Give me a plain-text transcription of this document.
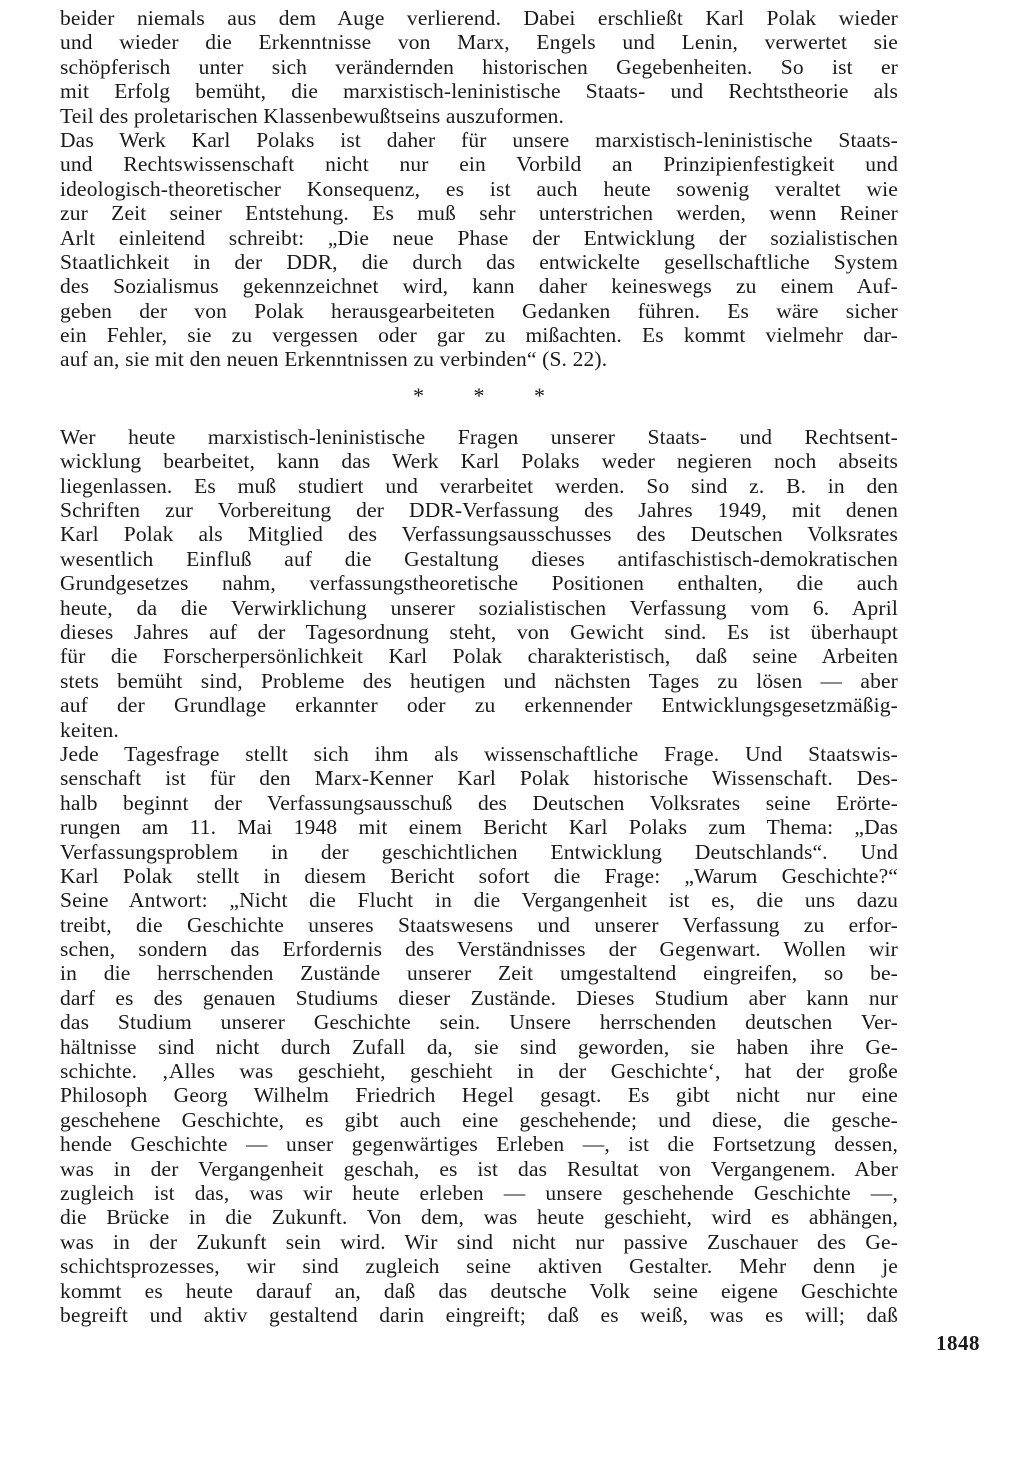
beider niemals aus dem Auge verlierend. Dabei erschließt Karl Polak wieder
und wieder die Erkenntnisse von Marx, Engels und Lenin, verwertet sie
schöpferisch unter sich verändernden historischen Gegebenheiten. So ist er
mit Erfolg bemüht, die marxistisch-leninistische Staats- und Rechtstheorie als
Teil des proletarischen Klassenbewußtseins auszuformen.
Das Werk Karl Polaks ist daher für unsere marxistisch-leninistische Staats-
und Rechtswissenschaft nicht nur ein Vorbild an Prinzipienfestigkeit und
ideologisch-theoretischer Konsequenz, es ist auch heute sowenig veraltet wie
zur Zeit seiner Entstehung. Es muß sehr unterstrichen werden, wenn Reiner
Arlt einleitend schreibt: „Die neue Phase der Entwicklung der sozialistischen
Staatlichkeit in der DDR, die durch das entwickelte gesellschaftliche System
des Sozialismus gekennzeichnet wird, kann daher keineswegs zu einem Auf-
geben der von Polak herausgearbeiteten Gedanken führen. Es wäre sicher
ein Fehler, sie zu vergessen oder gar zu mißachten. Es kommt vielmehr dar-
auf an, sie mit den neuen Erkenntnissen zu verbinden“ (S. 22).
* * *
Wer heute marxistisch-leninistische Fragen unserer Staats- und Rechtsent-
wicklung bearbeitet, kann das Werk Karl Polaks weder negieren noch abseits
liegenlassen. Es muß studiert und verarbeitet werden. So sind z. B. in den
Schriften zur Vorbereitung der DDR-Verfassung des Jahres 1949, mit denen
Karl Polak als Mitglied des Verfassungsausschusses des Deutschen Volksrates
wesentlich Einfluß auf die Gestaltung dieses antifaschistisch-demokratischen
Grundgesetzes nahm, verfassungstheoretische Positionen enthalten, die auch
heute, da die Verwirklichung unserer sozialistischen Verfassung vom 6. April
dieses Jahres auf der Tagesordnung steht, von Gewicht sind. Es ist überhaupt
für die Forscherpersönlichkeit Karl Polak charakteristisch, daß seine Arbeiten
stets bemüht sind, Probleme des heutigen und nächsten Tages zu lösen — aber
auf der Grundlage erkannter oder zu erkennender Entwicklungsgesetzmäßig-
keiten.
Jede Tagesfrage stellt sich ihm als wissenschaftliche Frage. Und Staatswis-
senschaft ist für den Marx-Kenner Karl Polak historische Wissenschaft. Des-
halb beginnt der Verfassungsausschuß des Deutschen Volksrates seine Erörte-
rungen am 11. Mai 1948 mit einem Bericht Karl Polaks zum Thema: „Das
Verfassungsproblem in der geschichtlichen Entwicklung Deutschlands“. Und
Karl Polak stellt in diesem Bericht sofort die Frage: „Warum Geschichte?“
Seine Antwort: „Nicht die Flucht in die Vergangenheit ist es, die uns dazu
treibt, die Geschichte unseres Staatswesens und unserer Verfassung zu erfor-
schen, sondern das Erfordernis des Verständnisses der Gegenwart. Wollen wir
in die herrschenden Zustände unserer Zeit umgestaltend eingreifen, so be-
darf es des genauen Studiums dieser Zustände. Dieses Studium aber kann nur
das Studium unserer Geschichte sein. Unsere herrschenden deutschen Ver-
hältnisse sind nicht durch Zufall da, sie sind geworden, sie haben ihre Ge-
schichte. ‚Alles was geschieht, geschieht in der Geschichte‘, hat der große
Philosoph Georg Wilhelm Friedrich Hegel gesagt. Es gibt nicht nur eine
geschehene Geschichte, es gibt auch eine geschehende; und diese, die gesche-
hende Geschichte — unser gegenwärtiges Erleben —, ist die Fortsetzung dessen,
was in der Vergangenheit geschah, es ist das Resultat von Vergangenem. Aber
zugleich ist das, was wir heute erleben — unsere geschehende Geschichte —,
die Brücke in die Zukunft. Von dem, was heute geschieht, wird es abhängen,
was in der Zukunft sein wird. Wir sind nicht nur passive Zuschauer des Ge-
schichtsprozesses, wir sind zugleich seine aktiven Gestalter. Mehr denn je
kommt es heute darauf an, daß das deutsche Volk seine eigene Geschichte
begreift und aktiv gestaltend darin eingreift; daß es weiß, was es will; daß
1848
